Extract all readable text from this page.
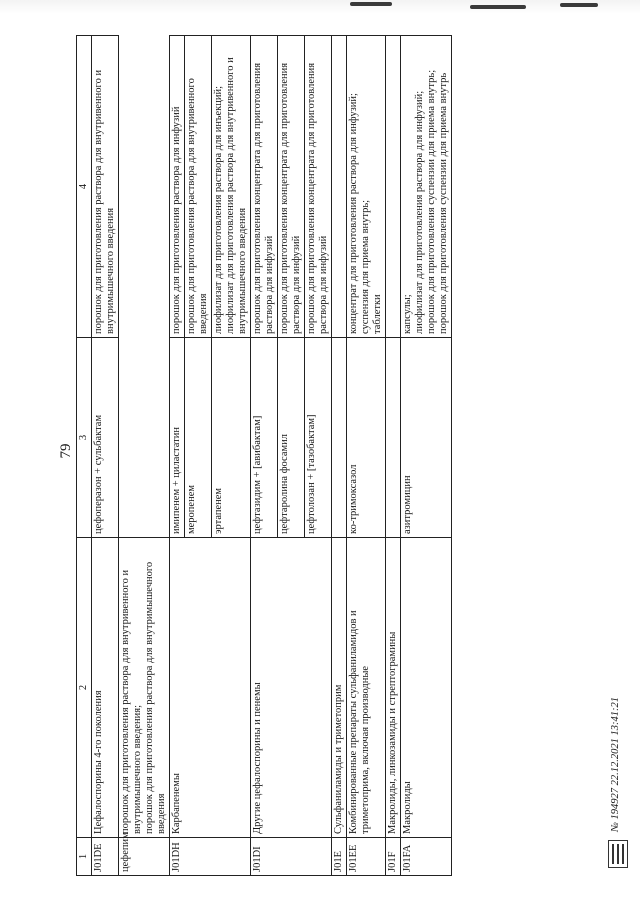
79
1	2	3	4
J01DE	Цефалоспорины 4-го поколения	цефоперазон + сульбактам	порошок для приготовления раствора для внутривенного и внутримышечного введения

цефепим	порошок для приготовления раствора для внутривенного и внутримышечного введения; порошок для приготовления раствора для внутримышечного введения		

J01DH	Карбапенемы	имипенем + циластатин	порошок для приготовления раствора для инфузий

		меропенем	порошок для приготовления раствора для внутривенного введения

		эртапенем	лиофилизат для приготовления раствора для инъекций; лиофилизат для приготовления раствора для внутривенного и внутримышечного введения

J01DI	Другие цефалоспорины и пенемы	цефтазидим + [авибактам]	порошок для приготовления концентрата для приготовления раствора для инфузий

		цефтаролина фосамил	порошок для приготовления концентрата для приготовления раствора для инфузий

		цефтолозан + [тазобактам]	порошок для приготовления концентрата для приготовления раствора для инфузий

J01E	Сульфаниламиды и триметоприм		
J01EE	Комбинированные препараты сульфаниламидов и триметоприма, включая производные	ко-тримоксазол	концентрат для приготовления раствора для инфузий; суспензия для приема внутрь; таблетки

J01F	Макролиды, линкозамиды и стрептограмины		
J01FA	Макролиды	азитромицин	капсулы; лиофилизат для приготовления раствора для инфузий; порошок для приготовления суспензии для приема внутрь; порошок для приготовления суспензии для приема внутрь
№ 194927 22.12.2021 13:41:21
